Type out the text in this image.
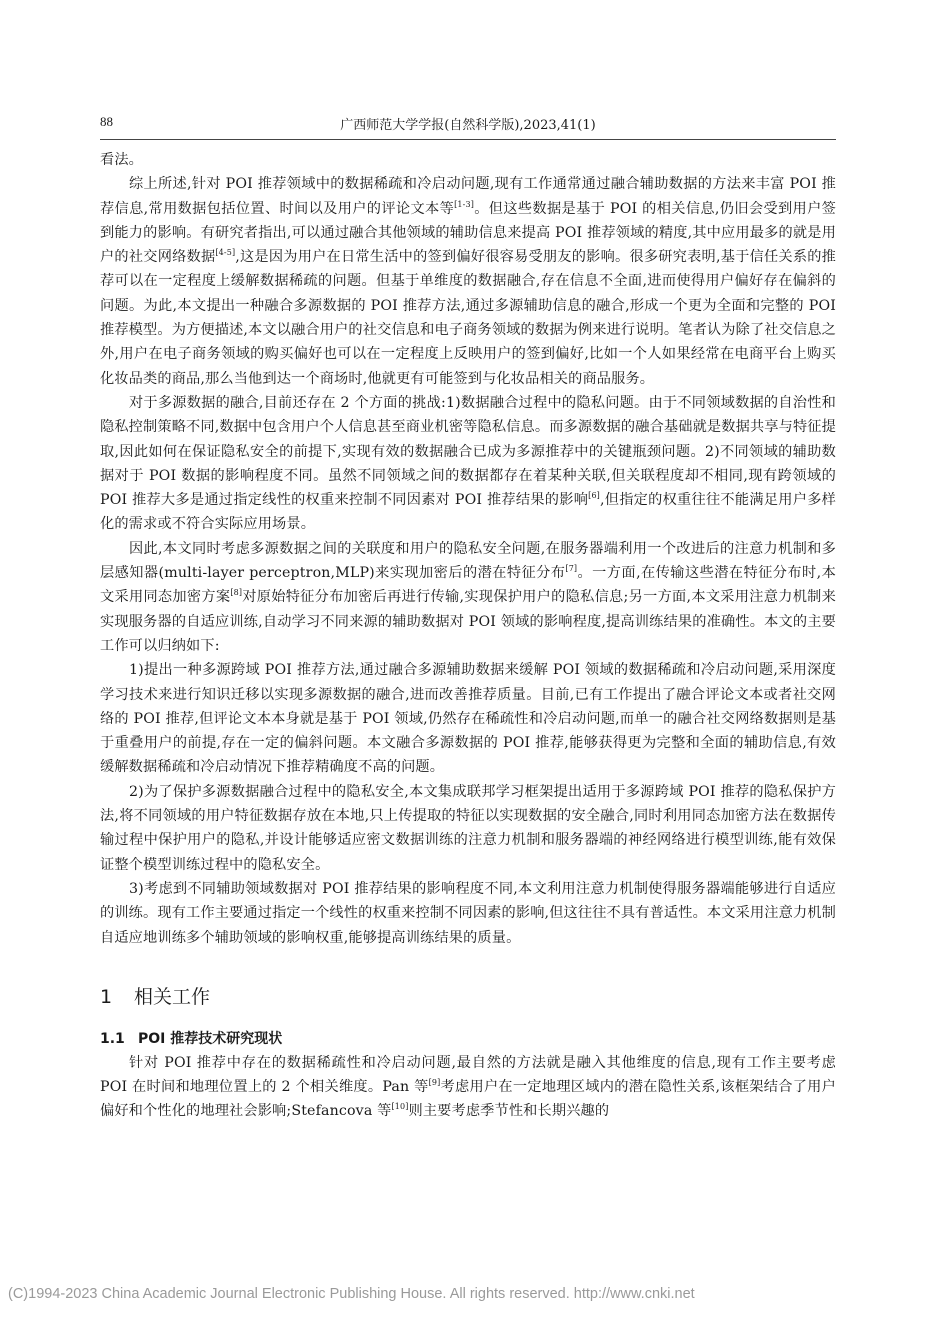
88	广西师范大学学报(自然科学版),2023,41(1)

看法。

综上所述,针对 POI 推荐领域中的数据稀疏和冷启动问题,现有工作通常通过融合辅助数据的方法来丰富 POI 推荐信息,常用数据包括位置、时间以及用户的评论文本等[1-3]。但这些数据是基于 POI 的相关信息,仍旧会受到用户签到能力的影响。有研究者指出,可以通过融合其他领域的辅助信息来提高 POI 推荐领域的精度,其中应用最多的就是用户的社交网络数据[4-5],这是因为用户在日常生活中的签到偏好很容易受朋友的影响。很多研究表明,基于信任关系的推荐可以在一定程度上缓解数据稀疏的问题。但基于单维度的数据融合,存在信息不全面,进而使得用户偏好存在偏斜的问题。为此,本文提出一种融合多源数据的 POI 推荐方法,通过多源辅助信息的融合,形成一个更为全面和完整的 POI 推荐模型。为方便描述,本文以融合用户的社交信息和电子商务领域的数据为例来进行说明。笔者认为除了社交信息之外,用户在电子商务领域的购买偏好也可以在一定程度上反映用户的签到偏好,比如一个人如果经常在电商平台上购买化妆品类的商品,那么当他到达一个商场时,他就更有可能签到与化妆品相关的商品服务。

对于多源数据的融合,目前还存在 2 个方面的挑战:1)数据融合过程中的隐私问题。由于不同领域数据的自治性和隐私控制策略不同,数据中包含用户个人信息甚至商业机密等隐私信息。而多源数据的融合基础就是数据共享与特征提取,因此如何在保证隐私安全的前提下,实现有效的数据融合已成为多源推荐中的关键瓶颈问题。2)不同领域的辅助数据对于 POI 数据的影响程度不同。虽然不同领域之间的数据都存在着某种关联,但关联程度却不相同,现有跨领域的 POI 推荐大多是通过指定线性的权重来控制不同因素对 POI 推荐结果的影响[6],但指定的权重往往不能满足用户多样化的需求或不符合实际应用场景。

因此,本文同时考虑多源数据之间的关联度和用户的隐私安全问题,在服务器端利用一个改进后的注意力机制和多层感知器(multi-layer perceptron,MLP)来实现加密后的潜在特征分布[7]。一方面,在传输这些潜在特征分布时,本文采用同态加密方案[8]对原始特征分布加密后再进行传输,实现保护用户的隐私信息;另一方面,本文采用注意力机制来实现服务器的自适应训练,自动学习不同来源的辅助数据对 POI 领域的影响程度,提高训练结果的准确性。本文的主要工作可以归纳如下:

1)提出一种多源跨域 POI 推荐方法,通过融合多源辅助数据来缓解 POI 领域的数据稀疏和冷启动问题,采用深度学习技术来进行知识迁移以实现多源数据的融合,进而改善推荐质量。目前,已有工作提出了融合评论文本或者社交网络的 POI 推荐,但评论文本本身就是基于 POI 领域,仍然存在稀疏性和冷启动问题,而单一的融合社交网络数据则是基于重叠用户的前提,存在一定的偏斜问题。本文融合多源数据的 POI 推荐,能够获得更为完整和全面的辅助信息,有效缓解数据稀疏和冷启动情况下推荐精确度不高的问题。

2)为了保护多源数据融合过程中的隐私安全,本文集成联邦学习框架提出适用于多源跨域 POI 推荐的隐私保护方法,将不同领域的用户特征数据存放在本地,只上传提取的特征以实现数据的安全融合,同时利用同态加密方法在数据传输过程中保护用户的隐私,并设计能够适应密文数据训练的注意力机制和服务器端的神经网络进行模型训练,能有效保证整个模型训练过程中的隐私安全。

3)考虑到不同辅助领域数据对 POI 推荐结果的影响程度不同,本文利用注意力机制使得服务器端能够进行自适应的训练。现有工作主要通过指定一个线性的权重来控制不同因素的影响,但这往往不具有普适性。本文采用注意力机制自适应地训练多个辅助领域的影响权重,能够提高训练结果的质量。

1 相关工作
1.1 POI 推荐技术研究现状

针对 POI 推荐中存在的数据稀疏性和冷启动问题,最自然的方法就是融入其他维度的信息,现有工作主要考虑 POI 在时间和地理位置上的 2 个相关维度。Pan 等[9]考虑用户在一定地理区域内的潜在隐性关系,该框架结合了用户偏好和个性化的地理社会影响;Stefancova 等[10]则主要考虑季节性和长期兴趣的

(C)1994-2023 China Academic Journal Electronic Publishing House. All rights reserved. http://www.cnki.net
